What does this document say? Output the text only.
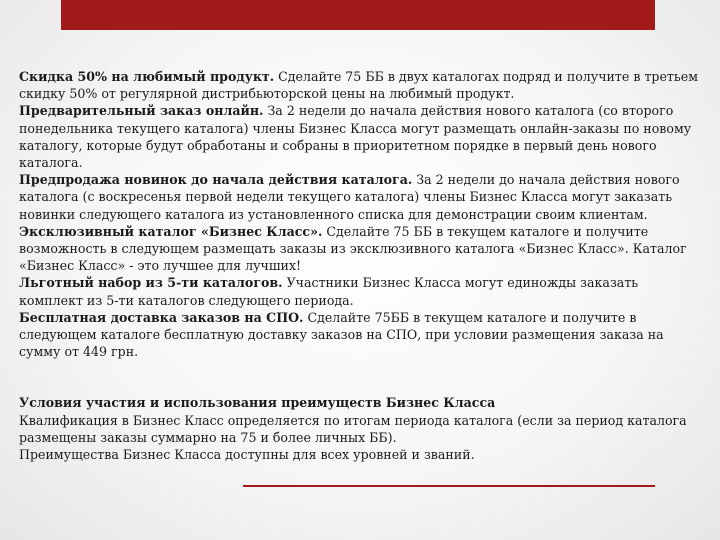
Скидка 50% на любимый продукт. Сделайте 75 ББ в двух каталогах подряд и получите в третьем скидку 50% от регулярной дистрибьюторской цены на любимый продукт.

Предварительный заказ онлайн. За 2 недели до начала действия нового каталога (со второго понедельника текущего каталога) члены Бизнес Класса могут размещать онлайн-заказы по новому каталогу, которые будут обработаны и собраны в приоритетном порядке в первый день нового каталога.

Предпродажа новинок до начала действия каталога. За 2 недели до начала действия нового каталога (с воскресенья первой недели текущего каталога) члены Бизнес Класса могут заказать новинки следующего каталога из установленного списка для демонстрации своим клиентам.

Эксклюзивный каталог «Бизнес Класс». Сделайте 75 ББ в текущем каталоге и получите возможность в следующем размещать заказы из эксклюзивного каталога «Бизнес Класс». Каталог «Бизнес Класс» - это лучшее для лучших!

Льготный набор из 5-ти каталогов. Участники Бизнес Класса могут единожды заказать комплект из 5-ти каталогов следующего периода.

Бесплатная доставка заказов на СПО. Сделайте 75ББ в текущем каталоге и получите в следующем каталоге бесплатную доставку заказов на СПО, при условии размещения заказа на сумму от 449 грн.

Условия участия и использования преимуществ Бизнес Класса

Квалификация в Бизнес Класс определяется по итогам периода каталога (если за период каталога размещены заказы суммарно на 75 и более личных ББ).

Преимущества Бизнес Класса доступны для всех уровней и званий.
